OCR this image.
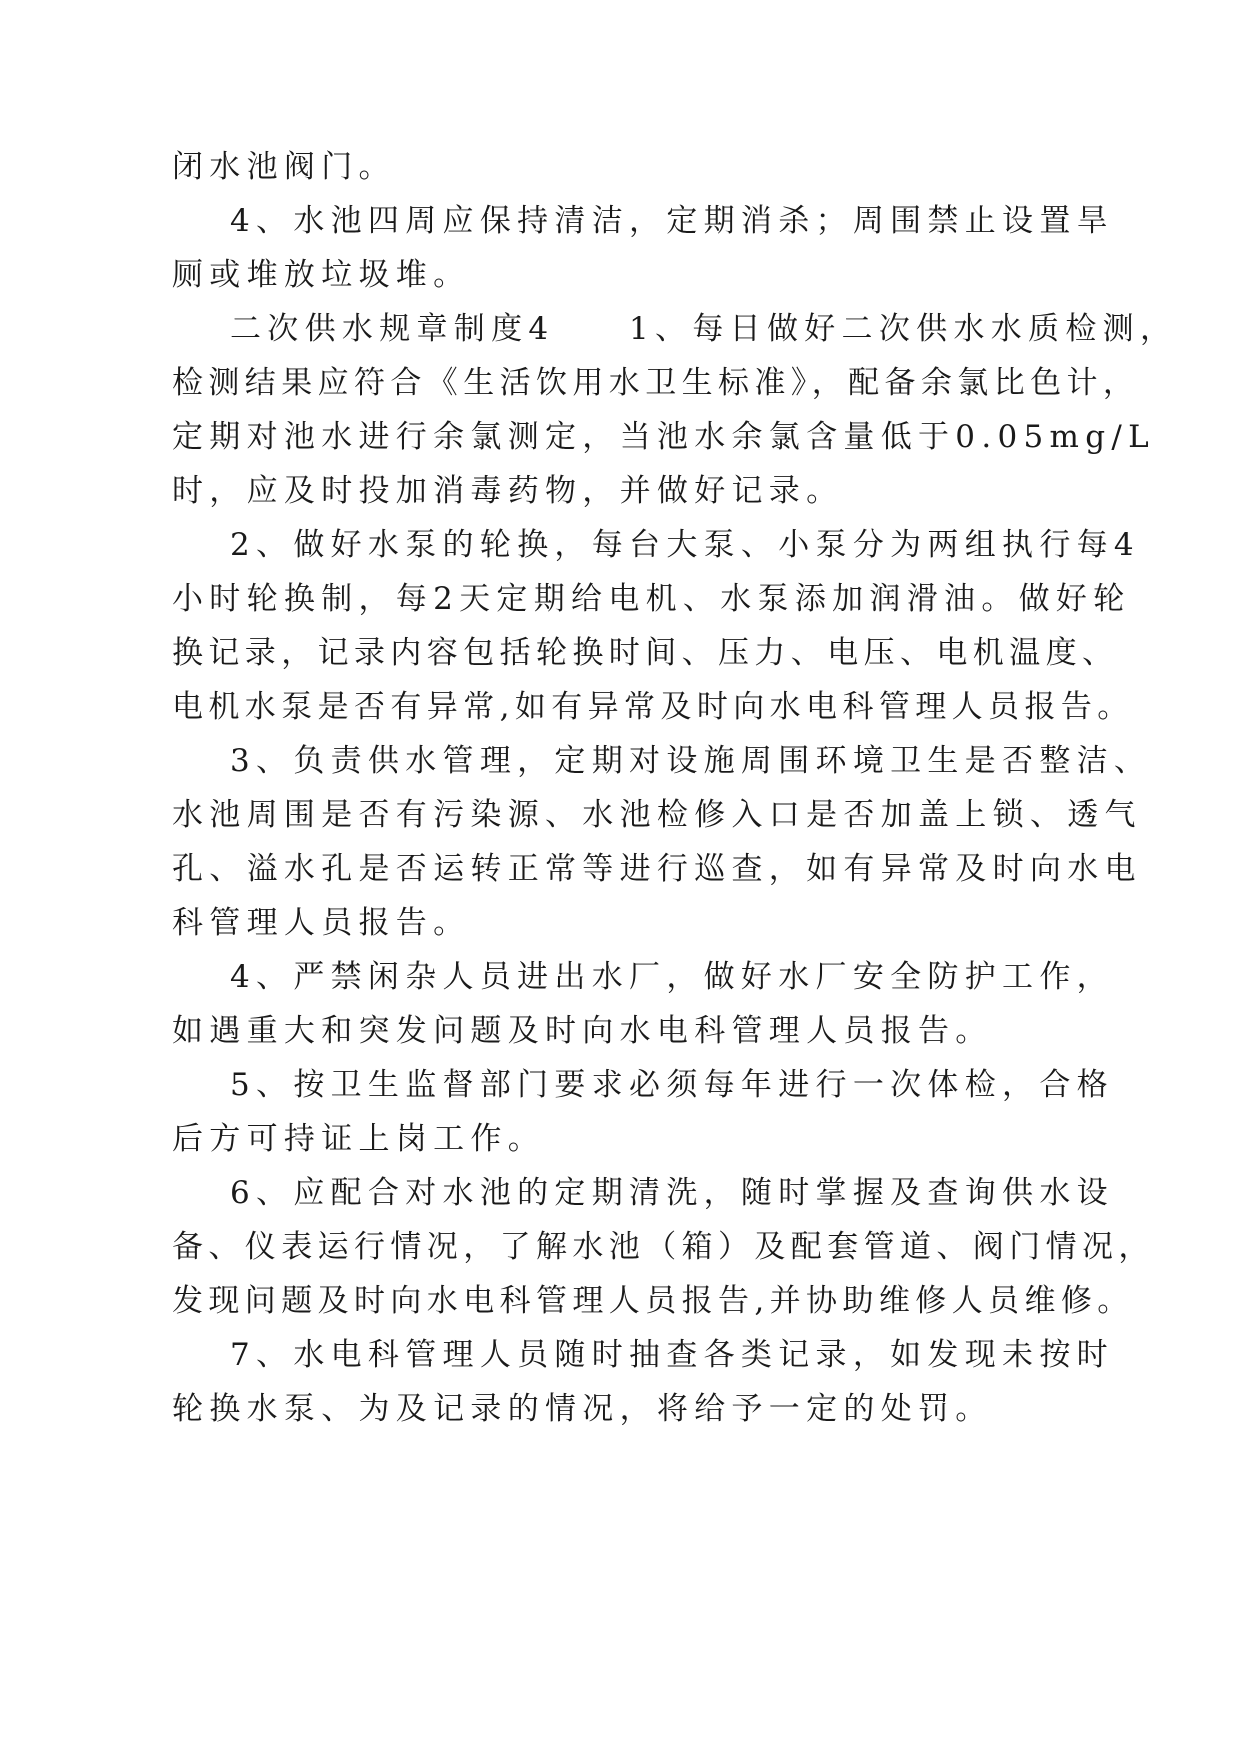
闭水池阀门。

4、水池四周应保持清洁，定期消杀；周围禁止设置旱

厕或堆放垃圾堆。

二次供水规章制度4　　1、每日做好二次供水水质检测，

检测结果应符合《生活饮用水卫生标准》，配备余氯比色计，

定期对池水进行余氯测定，当池水余氯含量低于0.05mg/L

时，应及时投加消毒药物，并做好记录。

2、做好水泵的轮换，每台大泵、小泵分为两组执行每4

小时轮换制，每2天定期给电机、水泵添加润滑油。做好轮

换记录，记录内容包括轮换时间、压力、电压、电机温度、

电机水泵是否有异常,如有异常及时向水电科管理人员报告。

3、负责供水管理，定期对设施周围环境卫生是否整洁、

水池周围是否有污染源、水池检修入口是否加盖上锁、透气

孔、溢水孔是否运转正常等进行巡查，如有异常及时向水电

科管理人员报告。

4、严禁闲杂人员进出水厂，做好水厂安全防护工作，

如遇重大和突发问题及时向水电科管理人员报告。

5、按卫生监督部门要求必须每年进行一次体检，合格

后方可持证上岗工作。

6、应配合对水池的定期清洗，随时掌握及查询供水设

备、仪表运行情况，了解水池（箱）及配套管道、阀门情况，

发现问题及时向水电科管理人员报告,并协助维修人员维修。

7、水电科管理人员随时抽查各类记录，如发现未按时

轮换水泵、为及记录的情况，将给予一定的处罚。
